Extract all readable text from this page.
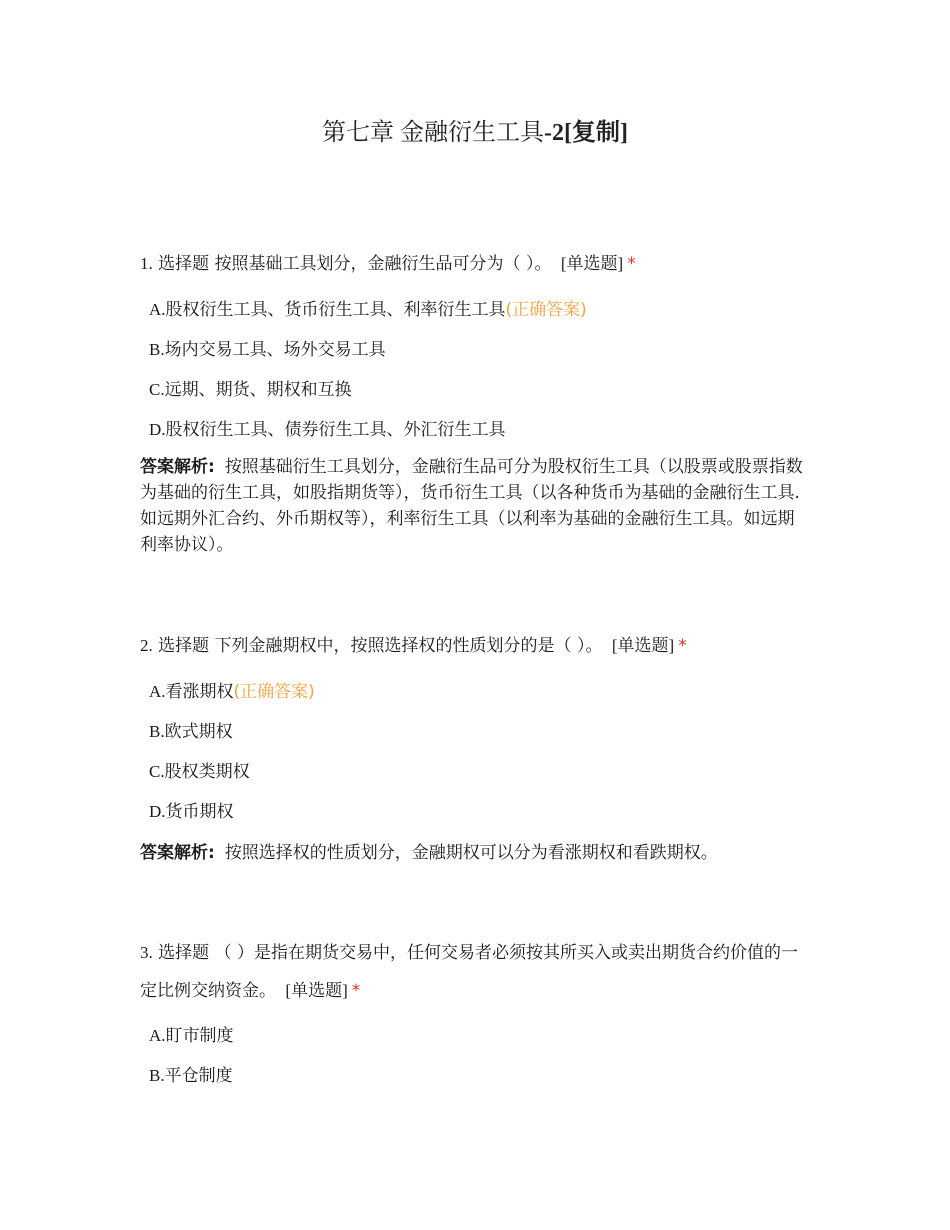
第七章 金融衍生工具-2[复制]
1. 选择题 按照基础工具划分，金融衍生品可分为（ ）。 [单选题] *
A.股权衍生工具、货币衍生工具、利率衍生工具(正确答案)
B.场内交易工具、场外交易工具
C.远期、期货、期权和互换
D.股权衍生工具、债券衍生工具、外汇衍生工具
答案解析: 按照基础衍生工具划分，金融衍生品可分为股权衍生工具（以股票或股票指数为基础的衍生工具，如股指期货等），货币衍生工具（以各种货币为基础的金融衍生工具.如远期外汇合约、外币期权等），利率衍生工具（以利率为基础的金融衍生工具。如远期利率协议）。
2. 选择题 下列金融期权中，按照选择权的性质划分的是（ ）。 [单选题] *
A.看涨期权(正确答案)
B.欧式期权
C.股权类期权
D.货币期权
答案解析: 按照选择权的性质划分，金融期权可以分为看涨期权和看跌期权。
3. 选择题 （ ）是指在期货交易中，任何交易者必须按其所买入或卖出期货合约价值的一定比例交纳资金。 [单选题] *
A.盯市制度
B.平仓制度
